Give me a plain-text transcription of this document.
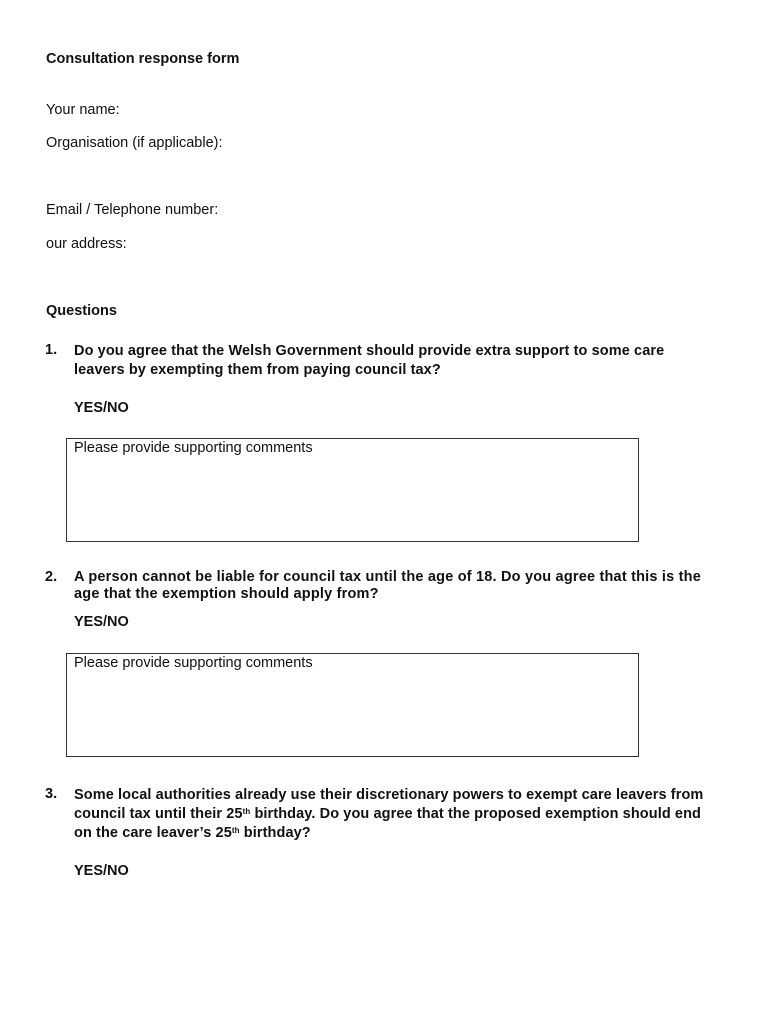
Consultation response form
Your name:
Organisation (if applicable):
Email / Telephone number:
our address:
Questions
1. Do you agree that the Welsh Government should provide extra support to some care leavers by exempting them from paying council tax?
YES/NO
Please provide supporting comments
2. A person cannot be liable for council tax until the age of 18. Do you agree that this is the age that the exemption should apply from?
YES/NO
Please provide supporting comments
3. Some local authorities already use their discretionary powers to exempt care leavers from council tax until their 25th birthday. Do you agree that the proposed exemption should end on the care leaver’s 25th birthday?
YES/NO
